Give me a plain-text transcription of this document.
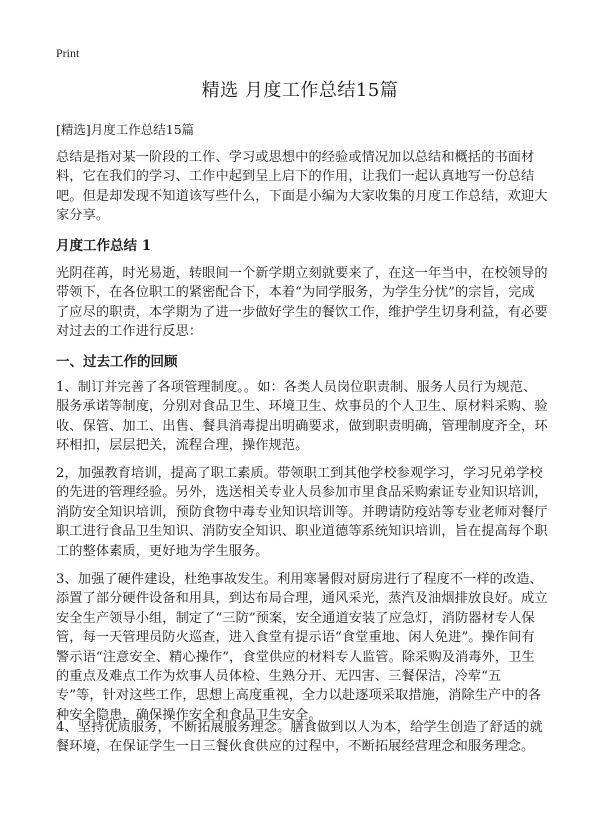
Print
精选 月度工作总结15篇
[精选]月度工作总结15篇

总结是指对某一阶段的工作、学习或思想中的经验或情况加以总结和概括的书面材料，它在我们的学习、工作中起到呈上启下的作用，让我们一起认真地写一份总结吧。但是却发现不知道该写些什么，下面是小编为大家收集的月度工作总结，欢迎大家分享。

月度工作总结 1

光阴荏苒，时光易逝，转眼间一个新学期立刻就要来了，在这一年当中，在校领导的带领下，在各位职工的紧密配合下，本着“为同学服务，为学生分忧”的宗旨，完成了应尽的职责，本学期为了进一步做好学生的餐饮工作，维护学生切身利益，有必要对过去的工作进行反思：

一、过去工作的回顾

1、制订并完善了各项管理制度。。如：各类人员岗位职责制、服务人员行为规范、服务承诺等制度，分别对食品卫生、环境卫生、炊事员的个人卫生、原材料采购、验收、保管、加工、出售、餐具消毒提出明确要求，做到职责明确，管理制度齐全，环环相扣，层层把关，流程合理，操作规范。

2，加强教育培训，提高了职工素质。带领职工到其他学校参观学习，学习兄弟学校的先进的管理经验。另外，选送相关专业人员参加市里食品采购索证专业知识培训，消防安全知识培训，预防食物中毒专业知识培训等。并聘请防疫站等专业老师对餐厅职工进行食品卫生知识、消防安全知识、职业道德等系统知识培训，旨在提高每个职工的整体素质，更好地为学生服务。

3、加强了硬件建设，杜绝事故发生。利用寒暑假对厨房进行了程度不一样的改造、添置了部分硬件设备和用具，到达布局合理，通风采光，蒸汽及油烟排放良好。成立安全生产领导小组，制定了“三防”预案，安全通道安装了应急灯，消防器材专人保管，每一天管理员防火巡查，进入食堂有提示语“食堂重地、闲人免进”。操作间有警示语“注意安全、精心操作”，食堂供应的材料专人监管。除采购及消毒外，卫生的重点及难点工作为炊事人员体检、生熟分开、无四害、三餐保洁，冷荤“五专”等，针对这些工作，思想上高度重视，全力以赴逐项采取措施，消除生产中的各种安全隐患，确保操作安全和食品卫生安全。

4、坚持优质服务，不断拓展服务理念。膳食做到以人为本，给学生创造了舒适的就餐环境，在保证学生一日三餐伙食供应的过程中，不断拓展经营理念和服务理念。
